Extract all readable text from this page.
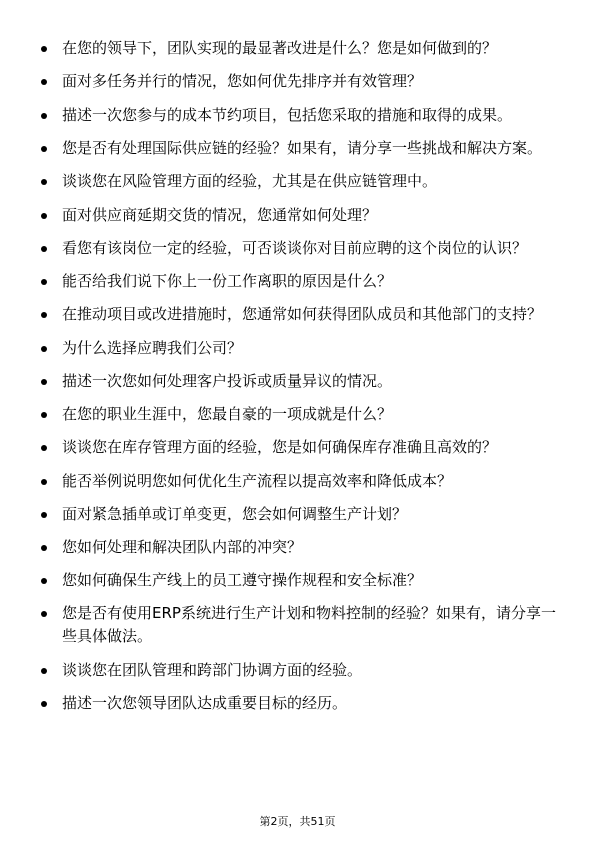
在您的领导下，团队实现的最显著改进是什么？您是如何做到的？
面对多任务并行的情况，您如何优先排序并有效管理？
描述一次您参与的成本节约项目，包括您采取的措施和取得的成果。
您是否有处理国际供应链的经验？如果有，请分享一些挑战和解决方案。
谈谈您在风险管理方面的经验，尤其是在供应链管理中。
面对供应商延期交货的情况，您通常如何处理？
看您有该岗位一定的经验，可否谈谈你对目前应聘的这个岗位的认识？
能否给我们说下你上一份工作离职的原因是什么？
在推动项目或改进措施时，您通常如何获得团队成员和其他部门的支持？
为什么选择应聘我们公司？
描述一次您如何处理客户投诉或质量异议的情况。
在您的职业生涯中，您最自豪的一项成就是什么？
谈谈您在库存管理方面的经验，您是如何确保库存准确且高效的？
能否举例说明您如何优化生产流程以提高效率和降低成本？
面对紧急插单或订单变更，您会如何调整生产计划？
您如何处理和解决团队内部的冲突？
您如何确保生产线上的员工遵守操作规程和安全标准？
您是否有使用ERP系统进行生产计划和物料控制的经验？如果有，请分享一些具体做法。
谈谈您在团队管理和跨部门协调方面的经验。
描述一次您领导团队达成重要目标的经历。
第2页，共51页
